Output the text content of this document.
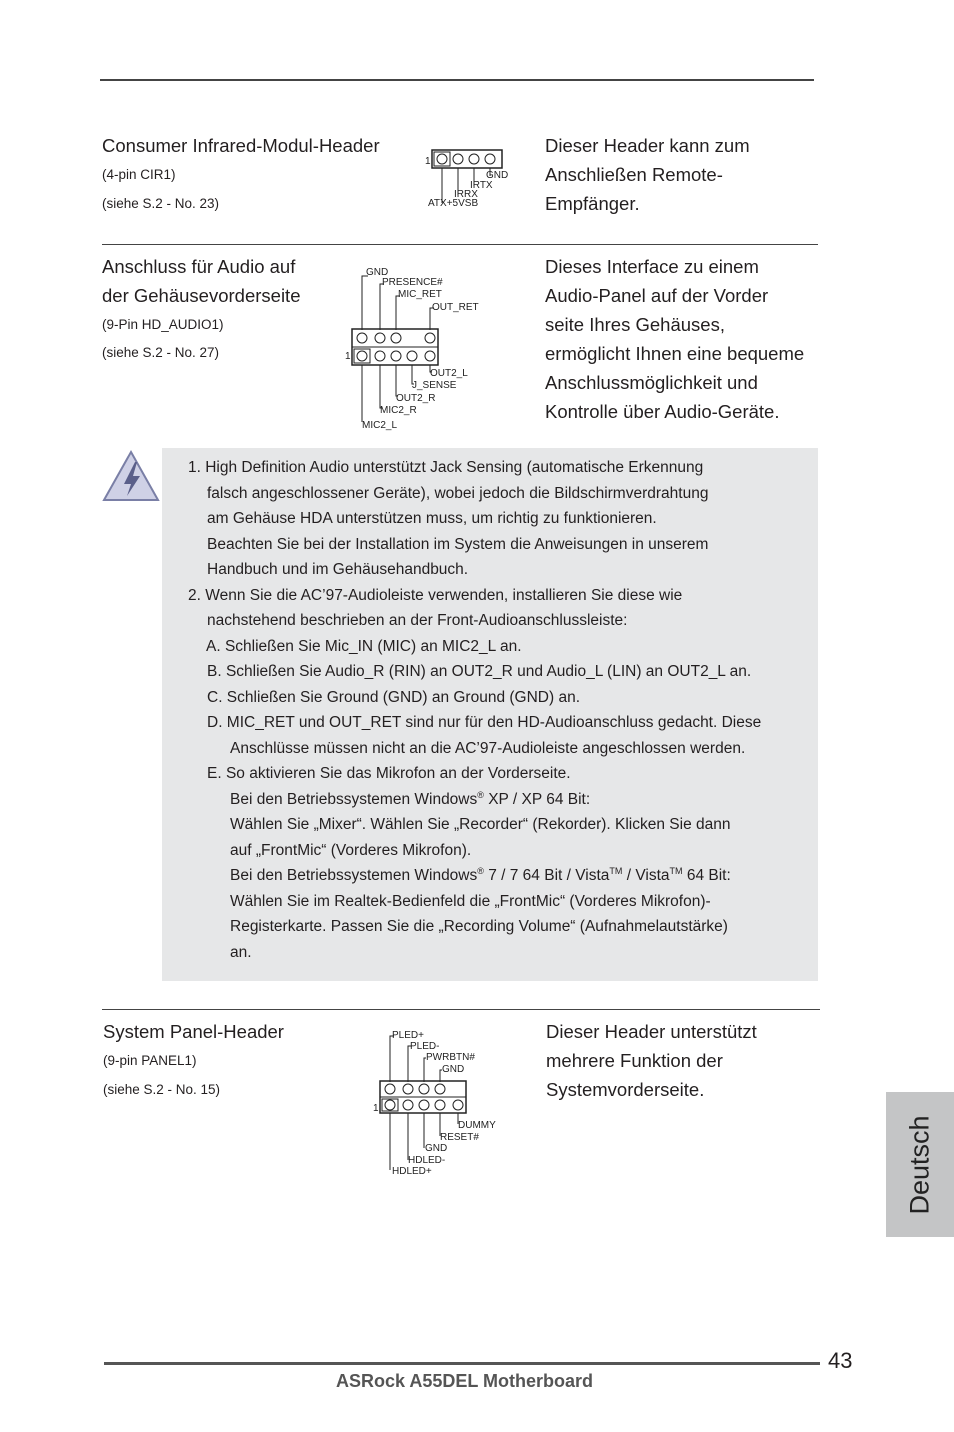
Consumer Infrared-Modul-Header
(4-pin CIR1)
(siehe S.2 - No. 23)
Dieser Header kann zum
Anschließen Remote-
Empfänger.
1
GND
IRTX
IRRX
ATX+5VSB
Anschluss für Audio auf
der Gehäusevorderseite
(9-Pin HD_AUDIO1)
(siehe S.2 - No. 27)
Dieses Interface zu einem
Audio-Panel auf der Vorder
seite Ihres Gehäuses,
ermöglicht Ihnen eine bequeme
Anschlussmöglichkeit und
Kontrolle über Audio-Geräte.
GND
PRESENCE#
MIC_RET
OUT_RET
1
OUT2_L
J_SENSE
OUT2_R
MIC2_R
MIC2_L
1. High Definition Audio unterstützt Jack Sensing (automatische Erkennung
falsch angeschlossener Geräte), wobei jedoch die Bildschirmverdrahtung
am Gehäuse HDA unterstützen muss, um richtig zu funktionieren.
Beachten Sie bei der Installation im System die Anweisungen in unserem
Handbuch und im Gehäusehandbuch.
2. Wenn Sie die AC’97-Audioleiste verwenden, installieren Sie diese wie
nachstehend beschrieben an der Front-Audioanschlussleiste:
A. Schließen Sie Mic_IN (MIC) an MIC2_L an.
B. Schließen Sie Audio_R (RIN) an OUT2_R und Audio_L (LIN) an OUT2_L an.
C. Schließen Sie Ground (GND) an Ground (GND) an.
D. MIC_RET und OUT_RET sind nur für den HD-Audioanschluss gedacht. Diese
Anschlüsse müssen nicht an die AC’97-Audioleiste angeschlossen werden.
E. So aktivieren Sie das Mikrofon an der Vorderseite.
Bei den Betriebssystemen Windows® XP / XP 64 Bit:
Wählen Sie „Mixer“. Wählen Sie „Recorder“ (Rekorder). Klicken Sie dann
auf „FrontMic“ (Vorderes Mikrofon).
Bei den Betriebssystemen Windows® 7 / 7 64 Bit / Vista™ / Vista™ 64 Bit:
Wählen Sie im Realtek-Bedienfeld die „FrontMic“ (Vorderes Mikrofon)-
Registerkarte. Passen Sie die „Recording Volume“ (Aufnahmelautstärke)
an.
System Panel-Header
(9-pin PANEL1)
(siehe S.2 - No. 15)
Dieser Header unterstützt
mehrere Funktion der
Systemvorderseite.
PLED+
PLED-
PWRBTN#
GND
1
DUMMY
RESET#
GND
HDLED-
HDLED+	Deutsch
43
ASRock A55DEL Motherboard
